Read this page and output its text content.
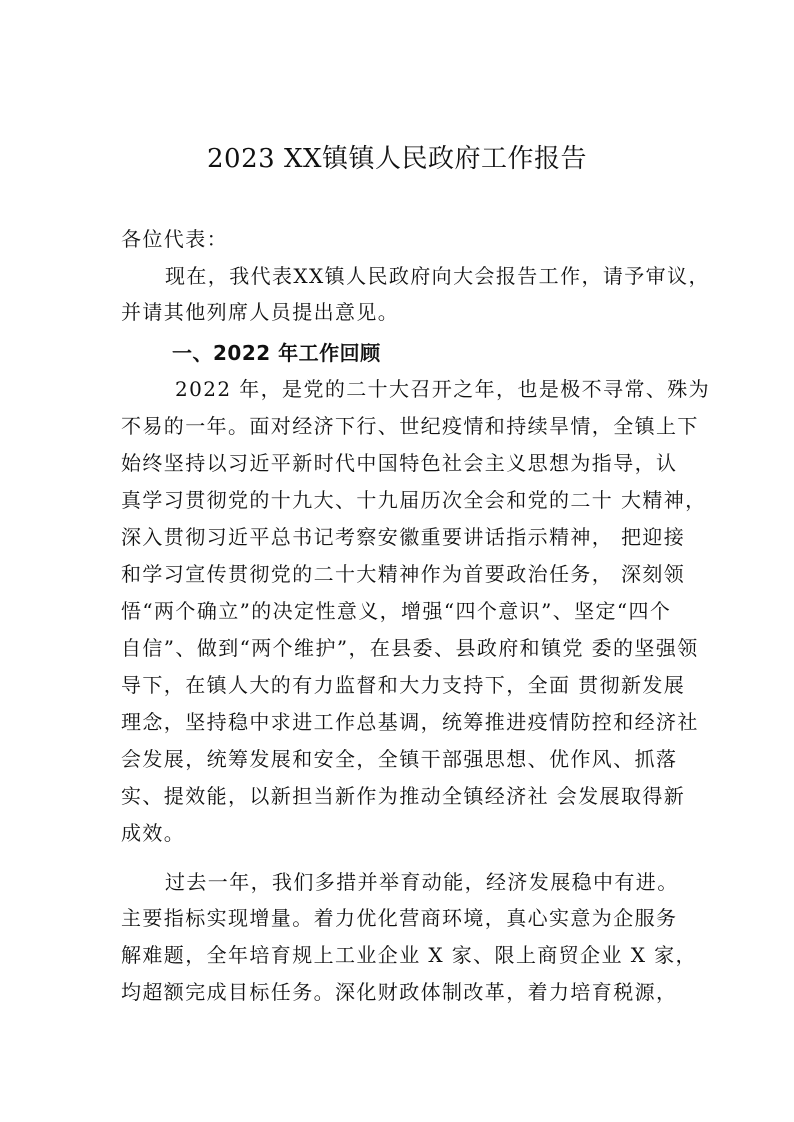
2023 XX镇镇人民政府工作报告
各位代表：
现在，我代表XX镇人民政府向大会报告工作，请予审议，
并请其他列席人员提出意见。
一、2022 年工作回顾
2022 年，是党的二十大召开之年，也是极不寻常、殊为
不易的一年。面对经济下行、世纪疫情和持续旱情，全镇上下
始终坚持以习近平新时代中国特色社会主义思想为指导，认
真学习贯彻党的十九大、十九届历次全会和党的二十 大精神，
深入贯彻习近平总书记考察安徽重要讲话指示精神， 把迎接
和学习宣传贯彻党的二十大精神作为首要政治任务， 深刻领
悟“两个确立”的决定性意义，增强“四个意识”、坚定“四个
自信”、做到“两个维护”，在县委、县政府和镇党 委的坚强领
导下，在镇人大的有力监督和大力支持下，全面 贯彻新发展
理念，坚持稳中求进工作总基调，统筹推进疫情防控和经济社
会发展，统筹发展和安全，全镇干部强思想、优作风、抓落
实、提效能，以新担当新作为推动全镇经济社 会发展取得新
成效。
过去一年，我们多措并举育动能，经济发展稳中有进。
主要指标实现增量。着力优化营商环境，真心实意为企服务
解难题，全年培育规上工业企业 X 家、限上商贸企业 X 家，
均超额完成目标任务。深化财政体制改革，着力培育税源，
